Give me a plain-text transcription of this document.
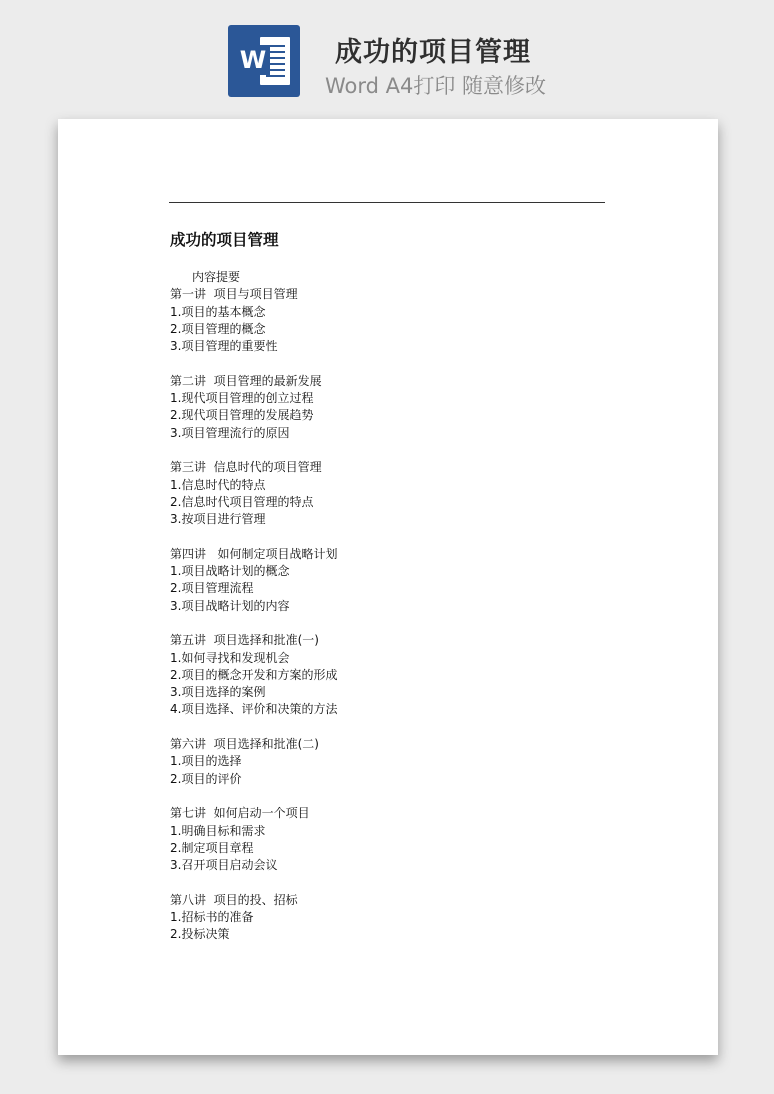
W	成功的项目管理
Word A4打印 随意修改
成功的项目管理
内容提要
第一讲  项目与项目管理
1.项目的基本概念
2.项目管理的概念
3.项目管理的重要性
第二讲  项目管理的最新发展
1.现代项目管理的创立过程
2.现代项目管理的发展趋势
3.项目管理流行的原因
第三讲  信息时代的项目管理
1.信息时代的特点
2.信息时代项目管理的特点
3.按项目进行管理
第四讲   如何制定项目战略计划
1.项目战略计划的概念
2.项目管理流程
3.项目战略计划的内容
第五讲  项目选择和批准(一)
1.如何寻找和发现机会
2.项目的概念开发和方案的形成
3.项目选择的案例
4.项目选择、评价和决策的方法
第六讲  项目选择和批准(二)
1.项目的选择
2.项目的评价
第七讲  如何启动一个项目
1.明确目标和需求
2.制定项目章程
3.召开项目启动会议
第八讲  项目的投、招标
1.招标书的准备
2.投标决策
